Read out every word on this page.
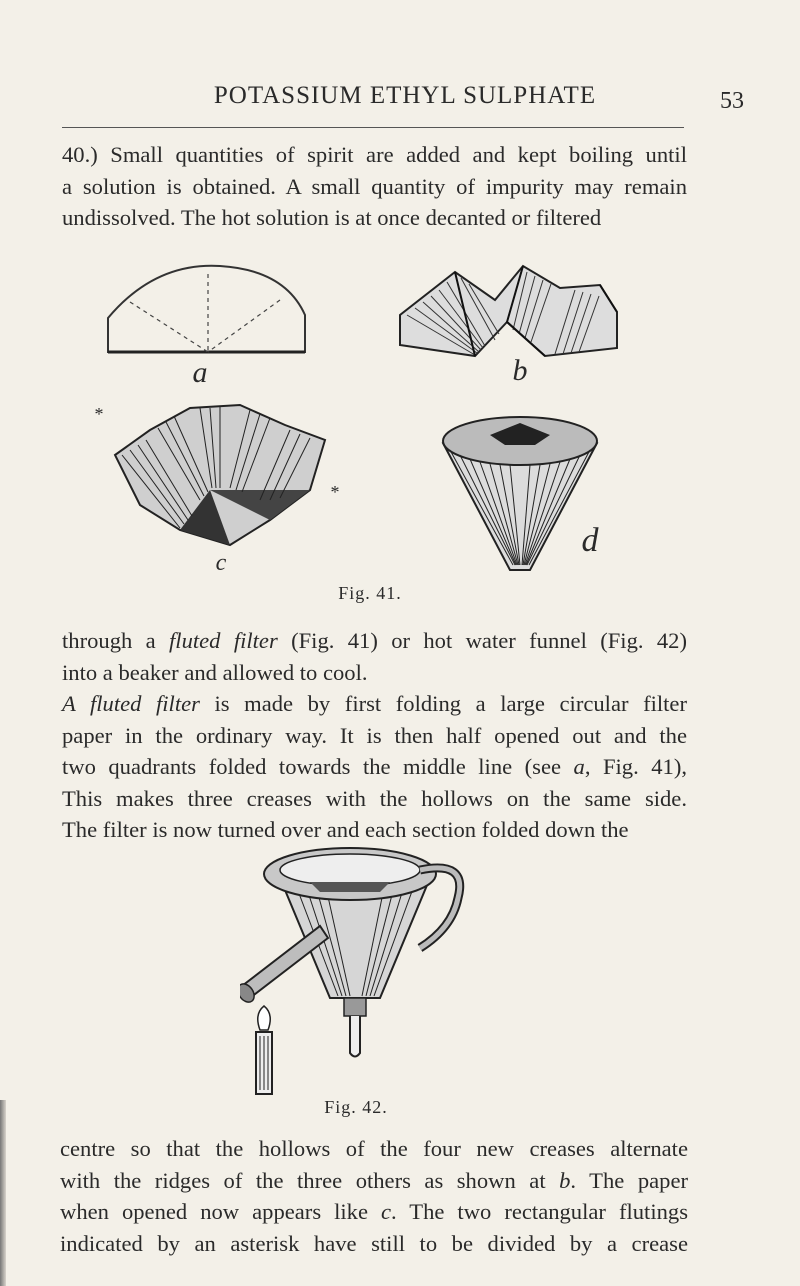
POTASSIUM ETHYL SULPHATE	53

40.) Small quantities of spirit are added and kept boiling until
a solution is obtained. A small quantity of impurity may remain
undissolved. The hot solution is at once decanted or filtered

a	b
*
*
c
d
Fig. 41.

through a fluted filter (Fig. 41) or hot water funnel (Fig. 42)
into a beaker and allowed to cool.

A fluted filter is made by first folding a large circular filter
paper in the ordinary way. It is then half opened out and the
two quadrants folded towards the middle line (see a, Fig. 41),
This makes three creases with the hollows on the same side.
The filter is now turned over and each section folded down the

Fig. 42.

centre so that the hollows of the four new creases alternate
with the ridges of the three others as shown at b. The paper
when opened now appears like c. The two rectangular flutings
indicated by an asterisk have still to be divided by a crease
